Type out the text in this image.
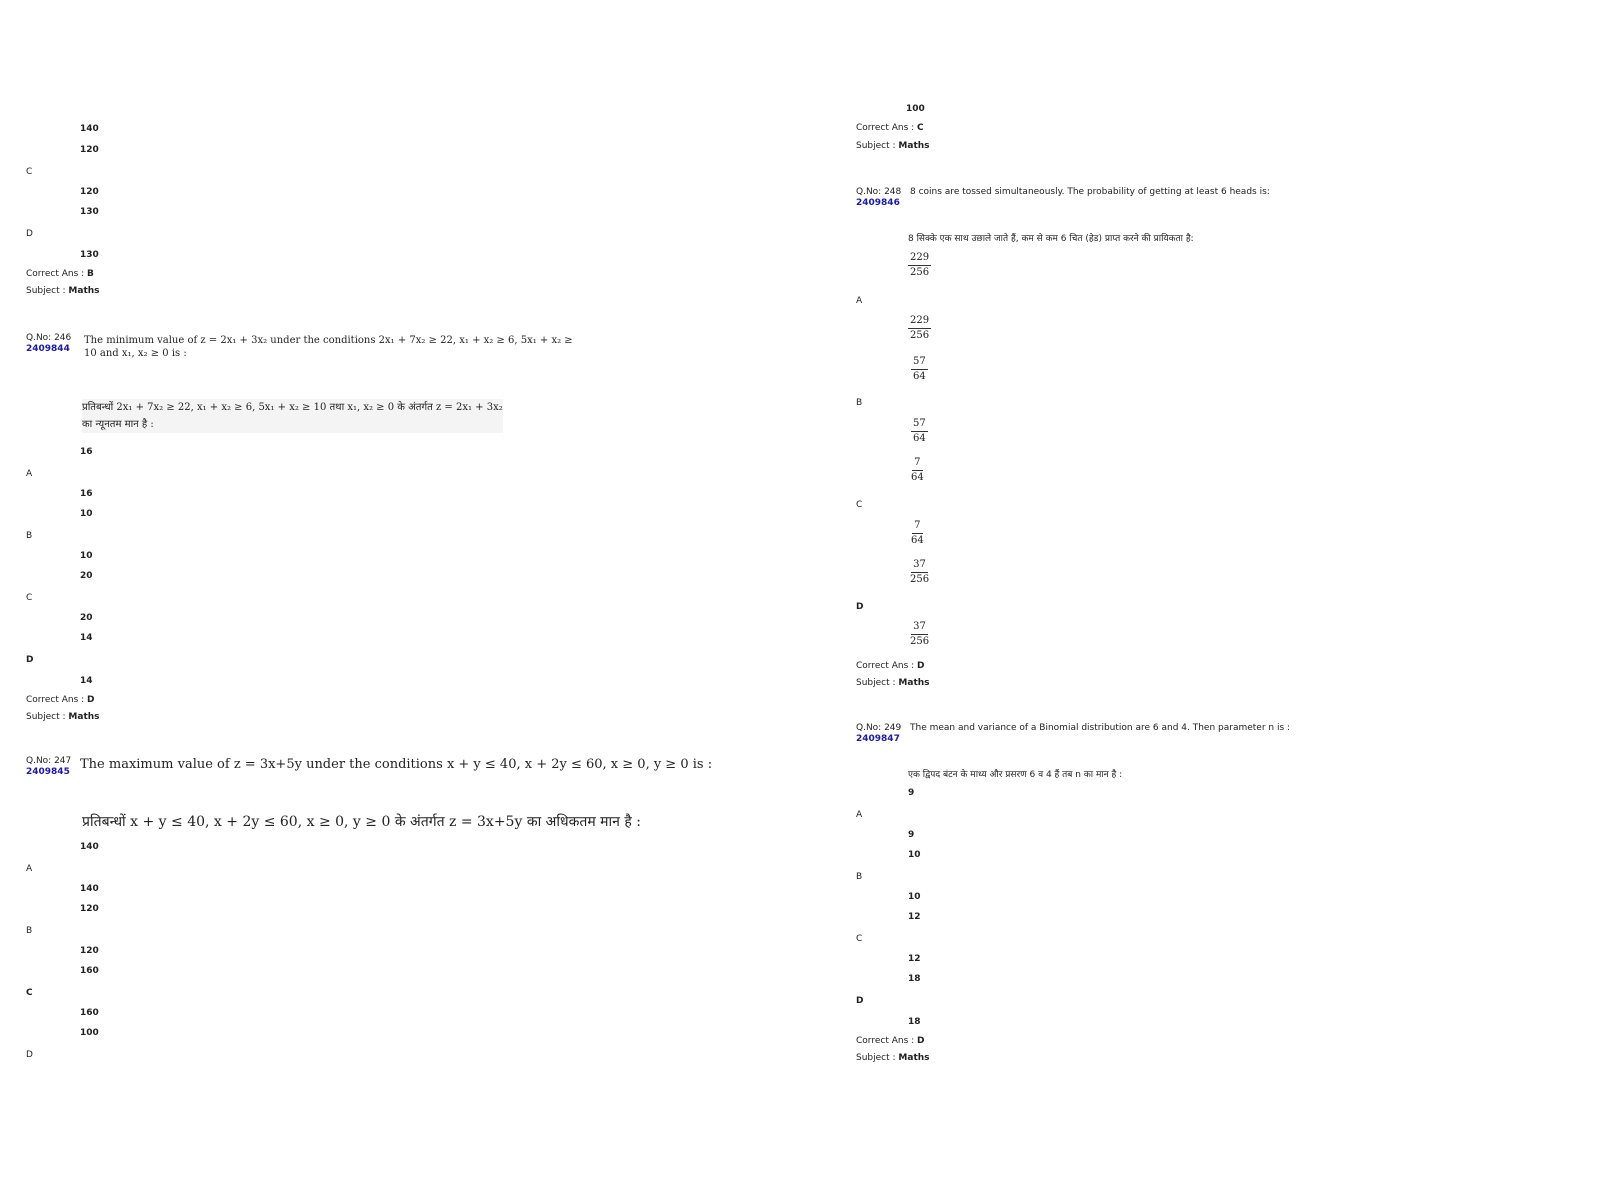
140
120
C
120
130
D
130
Correct Ans : B
Subject : Maths
Q.No: 246
2409844
The minimum value of z = 2x₁ + 3x₂ under the conditions 2x₁ + 7x₂ ≥ 22, x₁ + x₂ ≥ 6, 5x₁ + x₂ ≥
10 and x₁, x₂ ≥ 0 is :
प्रतिबन्धों 2x₁ + 7x₂ ≥ 22, x₁ + x₂ ≥ 6, 5x₁ + x₂ ≥ 10 तथा x₁, x₂ ≥ 0 के अंतर्गत z = 2x₁ + 3x₂
का न्यूनतम मान है :
16
A
16
10
B
10
20
C
20
14
D
14
Correct Ans : D
Subject : Maths
Q.No: 247
2409845 The maximum value of z = 3x+5y under the conditions x + y ≤ 40, x + 2y ≤ 60, x ≥ 0, y ≥ 0 is :
प्रतिबन्धों x + y ≤ 40, x + 2y ≤ 60, x ≥ 0, y ≥ 0 के अंतर्गत z = 3x+5y का अधिकतम मान है :
140
A
140
120
B
120
160
C
160
100
D
100
Correct Ans : C
Subject : Maths
Q.No: 248
2409846
8 coins are tossed simultaneously. The probability of getting at least 6 heads is:
8 सिक्के एक साथ उछाले जाते हैं, कम से कम 6 चित (हेड) प्राप्त करने की प्रायिकता है:
$\frac{229}{256}$
A
$\frac{229}{256}$
$\frac{57}{64}$
B
$\frac{57}{64}$
$\frac{7}{64}$
C
$\frac{7}{64}$
$\frac{37}{256}$
D
$\frac{37}{256}$
Correct Ans : D
Subject : Maths
Q.No: 249
2409847
The mean and variance of a Binomial distribution are 6 and 4. Then parameter n is :
एक द्विपद बंटन के माध्य और प्रसरण 6 व 4 हैं तब n का मान है :
9
A
9
10
B
10
12
C
12
18
D
18
Correct Ans : D
Subject : Maths
